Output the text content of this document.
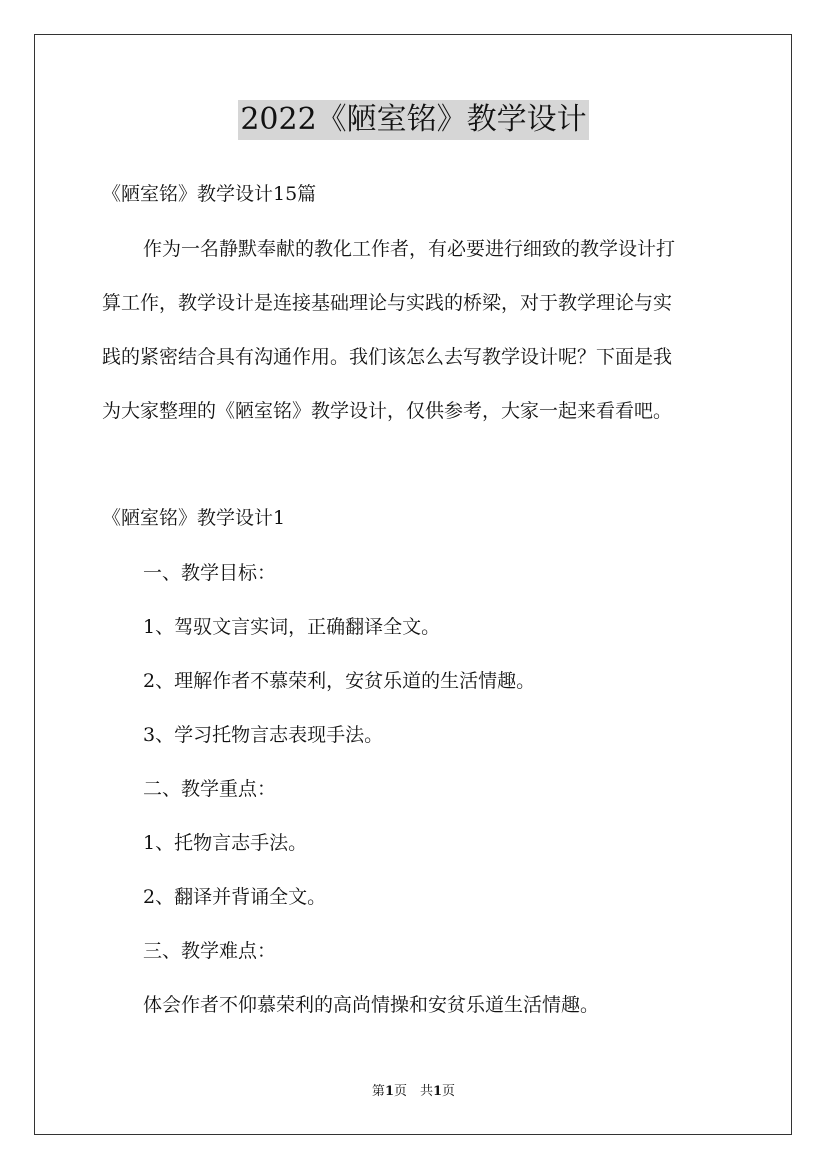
2022《陋室铭》教学设计
《陋室铭》教学设计15篇
作为一名静默奉献的教化工作者，有必要进行细致的教学设计打
算工作，教学设计是连接基础理论与实践的桥梁，对于教学理论与实
践的紧密结合具有沟通作用。我们该怎么去写教学设计呢？下面是我
为大家整理的《陋室铭》教学设计，仅供参考，大家一起来看看吧。
《陋室铭》教学设计1
一、教学目标：
1、驾驭文言实词，正确翻译全文。
2、理解作者不慕荣利，安贫乐道的生活情趣。
3、学习托物言志表现手法。
二、教学重点：
1、托物言志手法。
2、翻译并背诵全文。
三、教学难点：
体会作者不仰慕荣利的高尚情操和安贫乐道生活情趣。
第1页　共1页
